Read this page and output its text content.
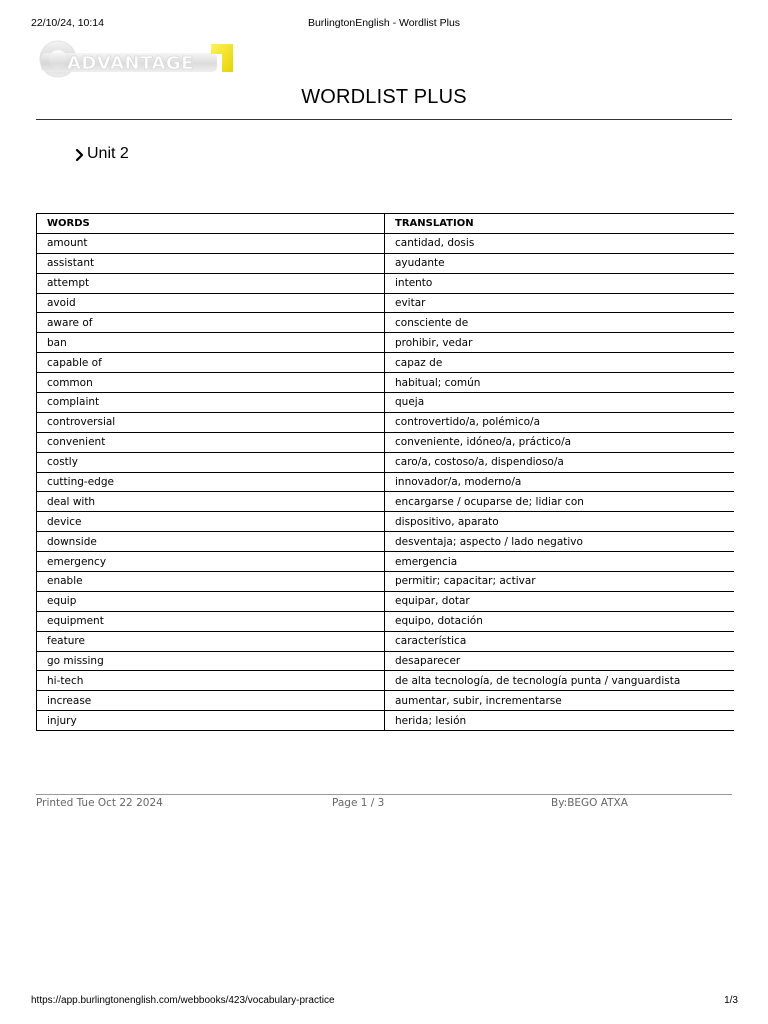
22/10/24, 10:14	BurlingtonEnglish - Wordlist Plus
ADVANTAGE
WORDLIST PLUS
Unit 2
WORDS	TRANSLATION
amount	cantidad, dosis
assistant	ayudante
attempt	intento
avoid	evitar
aware of	consciente de
ban	prohibir, vedar
capable of	capaz de
common	habitual; común
complaint	queja
controversial	controvertido/a, polémico/a
convenient	conveniente, idóneo/a, práctico/a
costly	caro/a, costoso/a, dispendioso/a
cutting-edge	innovador/a, moderno/a
deal with	encargarse / ocuparse de; lidiar con
device	dispositivo, aparato
downside	desventaja; aspecto / lado negativo
emergency	emergencia
enable	permitir; capacitar; activar
equip	equipar, dotar
equipment	equipo, dotación
feature	característica
go missing	desaparecer
hi-tech	de alta tecnología, de tecnología punta / vanguardista
increase	aumentar, subir, incrementarse
injury	herida; lesión
Printed Tue Oct 22 2024	Page 1 / 3	By:BEGO ATXA
https://app.burlingtonenglish.com/webbooks/423/vocabulary-practice	1/3
